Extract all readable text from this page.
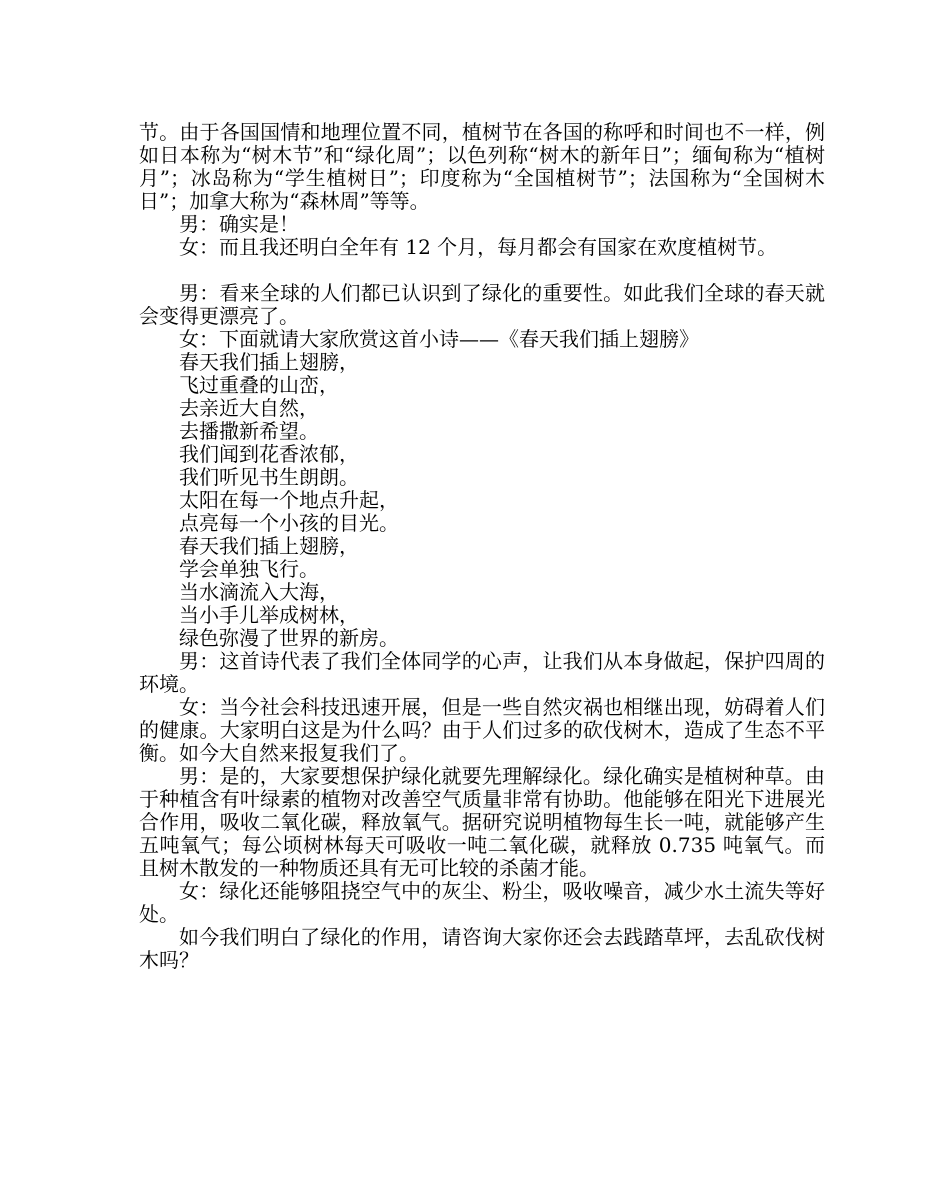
节。由于各国国情和地理位置不同，植树节在各国的称呼和时间也不一样，例如日本称为“树木节”和“绿化周”；以色列称“树木的新年日”；缅甸称为“植树月”；冰岛称为“学生植树日”；印度称为“全国植树节”；法国称为“全国树木日”；加拿大称为“森林周”等等。

男：确实是！

女：而且我还明白全年有 12 个月，每月都会有国家在欢度植树节。

男：看来全球的人们都已认识到了绿化的重要性。如此我们全球的春天就会变得更漂亮了。

女：下面就请大家欣赏这首小诗——《春天我们插上翅膀》

春天我们插上翅膀，

飞过重叠的山峦，

去亲近大自然，

去播撒新希望。

我们闻到花香浓郁，

我们听见书生朗朗。

太阳在每一个地点升起，

点亮每一个小孩的目光。

春天我们插上翅膀，

学会单独飞行。

当水滴流入大海，

当小手儿举成树林，

绿色弥漫了世界的新房。

男：这首诗代表了我们全体同学的心声，让我们从本身做起，保护四周的环境。

女：当今社会科技迅速开展，但是一些自然灾祸也相继出现，妨碍着人们的健康。大家明白这是为什么吗？由于人们过多的砍伐树木，造成了生态不平衡。如今大自然来报复我们了。

男：是的，大家要想保护绿化就要先理解绿化。绿化确实是植树种草。由于种植含有叶绿素的植物对改善空气质量非常有协助。他能够在阳光下进展光合作用，吸收二氧化碳，释放氧气。据研究说明植物每生长一吨，就能够产生五吨氧气；每公顷树林每天可吸收一吨二氧化碳，就释放 0.735 吨氧气。而且树木散发的一种物质还具有无可比较的杀菌才能。

女：绿化还能够阻挠空气中的灰尘、粉尘，吸收噪音，减少水土流失等好处。

如今我们明白了绿化的作用，请咨询大家你还会去践踏草坪，去乱砍伐树木吗？
